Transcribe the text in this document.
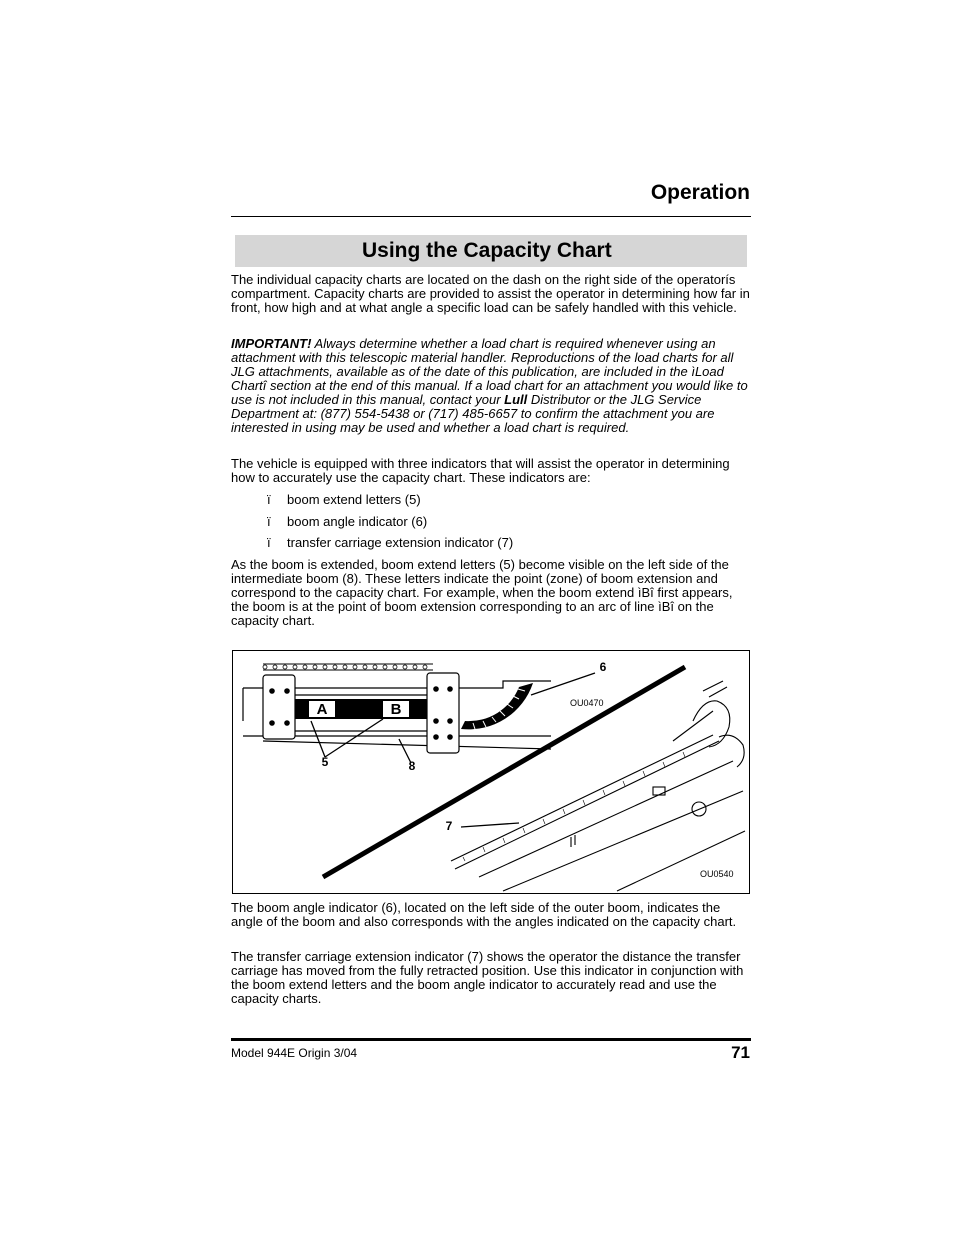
Operation
Using the Capacity Chart

The individual capacity charts are located on the dash on the right side of the operatorís compartment. Capacity charts are provided to assist the operator in determining how far in front, how high and at what angle a specific load can be safely handled with this vehicle.

IMPORTANT! Always determine whether a load chart is required whenever using an attachment with this telescopic material handler. Reproductions of the load charts for all JLG attachments, available as of the date of this publication, are included in the ìLoad Chartî section at the end of this manual. If a load chart for an attachment you would like to use is not included in this manual, contact your Lull Distributor or the JLG Service Department at: (877) 554-5438 or (717) 485-6657 to confirm the attachment you are interested in using may be used and whether a load chart is required.

The vehicle is equipped with three indicators that will assist the operator in determining how to accurately use the capacity chart. These indicators are:

ï	boom extend letters (5)
ï	boom angle indicator (6)
ï	transfer carriage extension indicator (7)

As the boom is extended, boom extend letters (5) become visible on the left side of the intermediate boom (8). These letters indicate the point (zone) of boom extension and correspond to the capacity chart. For example, when the boom extend ìBî first appears, the boom is at the point of boom extension corresponding to an arc of line ìBî on the capacity chart.

A	B
6
5	8
7
OU0470
OU0540

The boom angle indicator (6), located on the left side of the outer boom, indicates the angle of the boom and also corresponds with the angles indicated on the capacity chart.

The transfer carriage extension indicator (7) shows the operator the distance the transfer carriage has moved from the fully retracted position. Use this indicator in conjunction with the boom extend letters and the boom angle indicator to accurately read and use the capacity charts.

Model 944E Origin 3/04	71
